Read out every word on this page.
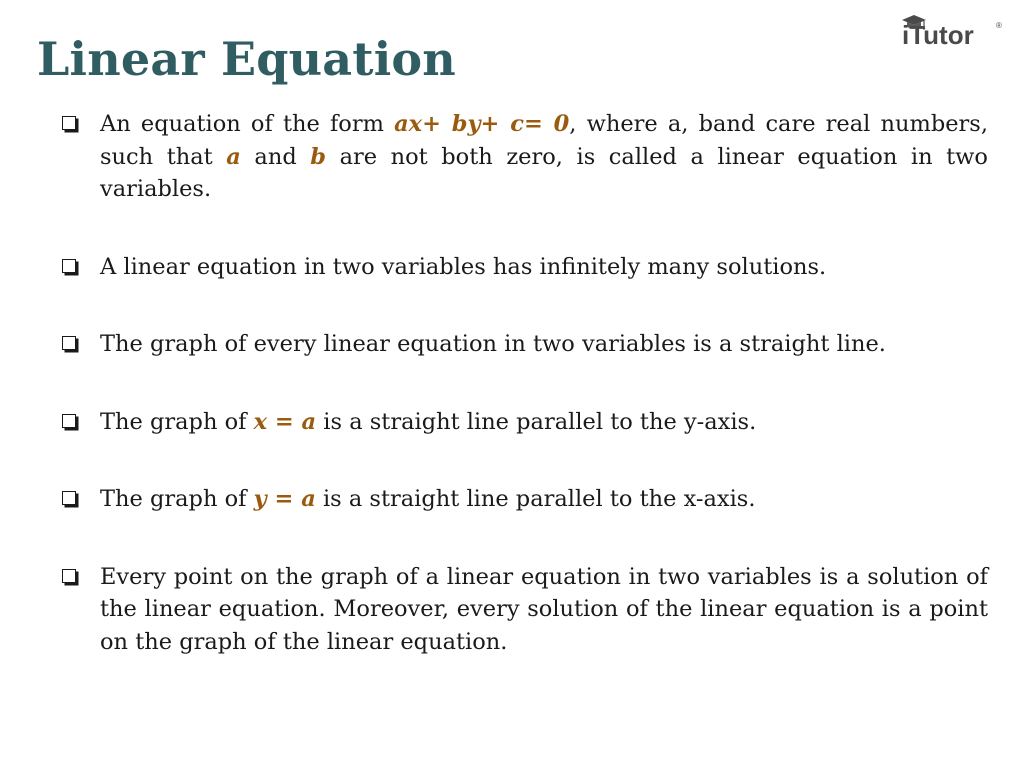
Linear Equation	iTutor	®
An equation of the form ax+ by+ c= 0, where a, band care real numbers, such that a and b are not both zero, is called a linear equation in two variables.
A linear equation in two variables has infinitely many solutions.
The graph of every linear equation in two variables is a straight line.
The graph of x = a is a straight line parallel to the y-axis.
The graph of y = a is a straight line parallel to the x-axis.
Every point on the graph of a linear equation in two variables is a solution of the linear equation. Moreover, every solution of the linear equation is a point on the graph of the linear equation.
